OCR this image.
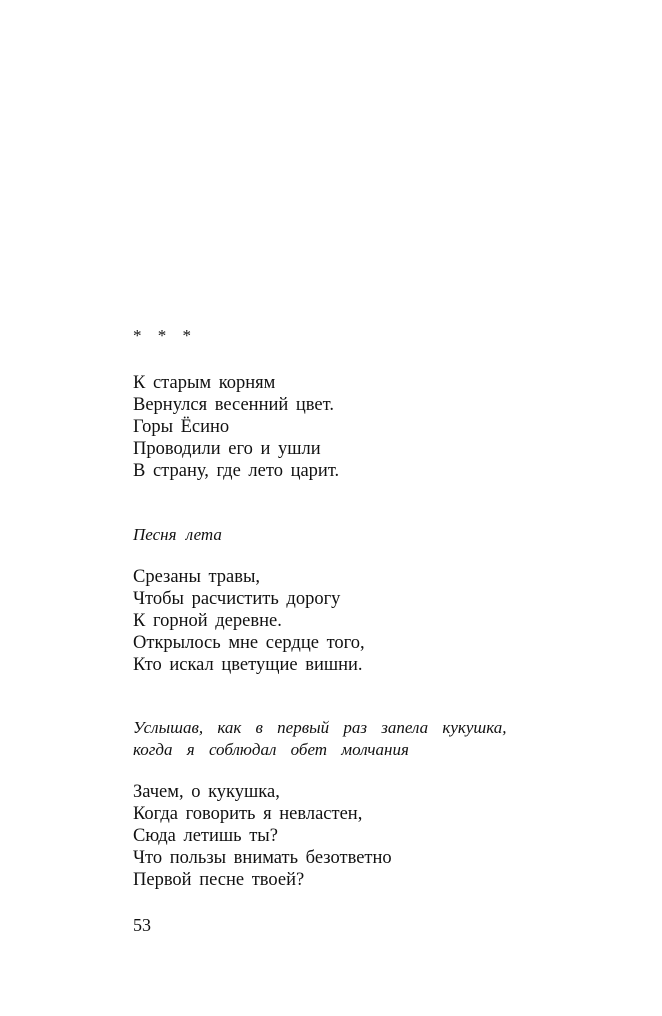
* * *
К старым корням
Вернулся весенний цвет.
Горы Ёсино
Проводили его и ушли
В страну, где лето царит.
Песня лета
Срезаны травы,
Чтобы расчистить дорогу
К горной деревне.
Открылось мне сердце того,
Кто искал цветущие вишни.
Услышав, как в первый раз запела кукушка,
когда я соблюдал обет молчания
Зачем, о кукушка,
Когда говорить я невластен,
Сюда летишь ты?
Что пользы внимать безответно
Первой песне твоей?
53
